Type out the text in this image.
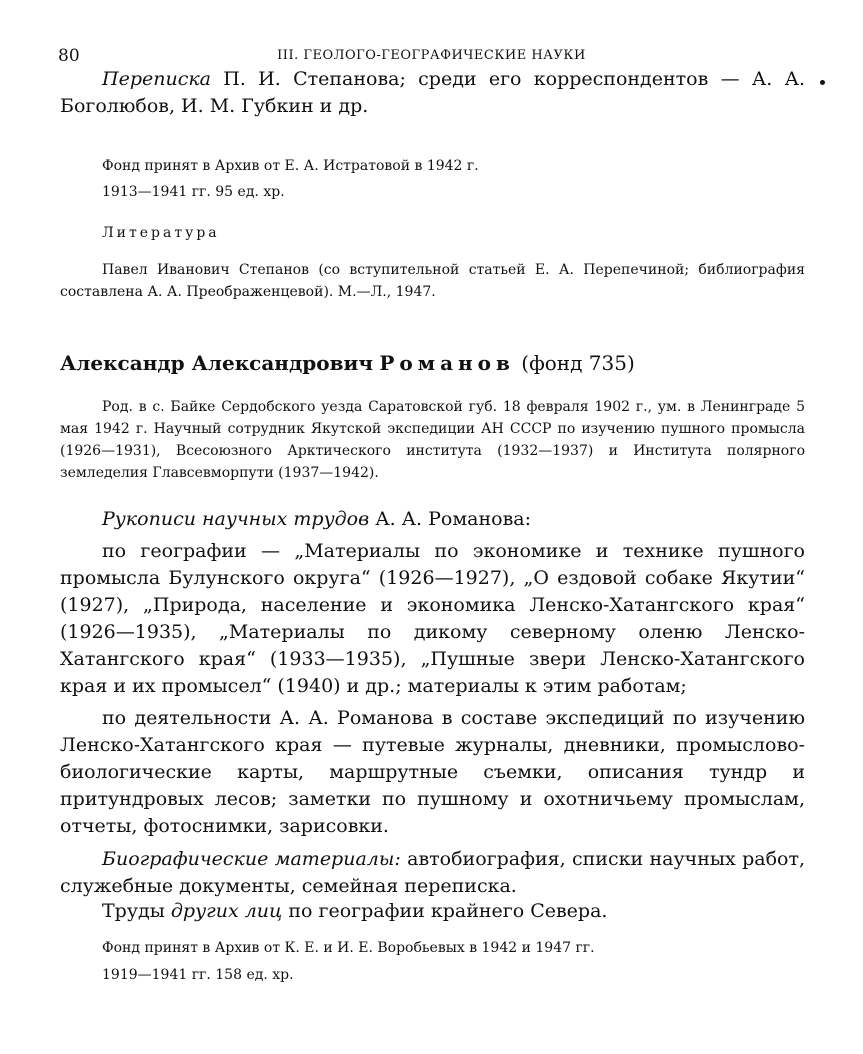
80	III. ГЕОЛОГО-ГЕОГРАФИЧЕСКИЕ НАУКИ

Переписка П. И. Степанова; среди его корреспондентов — А. А. Боголюбов, И. М. Губкин и др.

Фонд принят в Архив от Е. А. Истратовой в 1942 г.

1913—1941 гг. 95 ед. хр.

Литература

Павел Иванович Степанов (со вступительной статьей Е. А. Перепечиной; библиография составлена А. А. Преображенцевой). М.—Л., 1947.

Александр Александрович Романов (фонд 735)

Род. в с. Байке Сердобского уезда Саратовской губ. 18 февраля 1902 г., ум. в Ленинграде 5 мая 1942 г. Научный сотрудник Якутской экспедиции АН СССР по изучению пушного промысла (1926—1931), Всесоюзного Арктического института (1932—1937) и Института полярного земледелия Главсевморпути (1937—1942).

Рукописи научных трудов А. А. Романова:

по географии — „Материалы по экономике и технике пушного промысла Булунского округа“ (1926—1927), „О ездовой собаке Якутии“ (1927), „Природа, население и экономика Ленско-Хатангского края“ (1926—1935), „Материалы по дикому северному оленю Ленско-Хатангского края“ (1933—1935), „Пушные звери Ленско-Хатангского края и их промысел“ (1940) и др.; материалы к этим работам;

по деятельности А. А. Романова в составе экспедиций по изучению Ленско-Хатангского края — путевые журналы, дневники, промыслово-биологические карты, маршрутные съемки, описания тундр и притундровых лесов; заметки по пушному и охотничьему промыслам, отчеты, фотоснимки, зарисовки.

Биографические материалы: автобиография, списки научных работ, служебные документы, семейная переписка.

Труды других лиц по географии крайнего Севера.

Фонд принят в Архив от К. Е. и И. Е. Воробьевых в 1942 и 1947 гг.

1919—1941 гг. 158 ед. хр.
